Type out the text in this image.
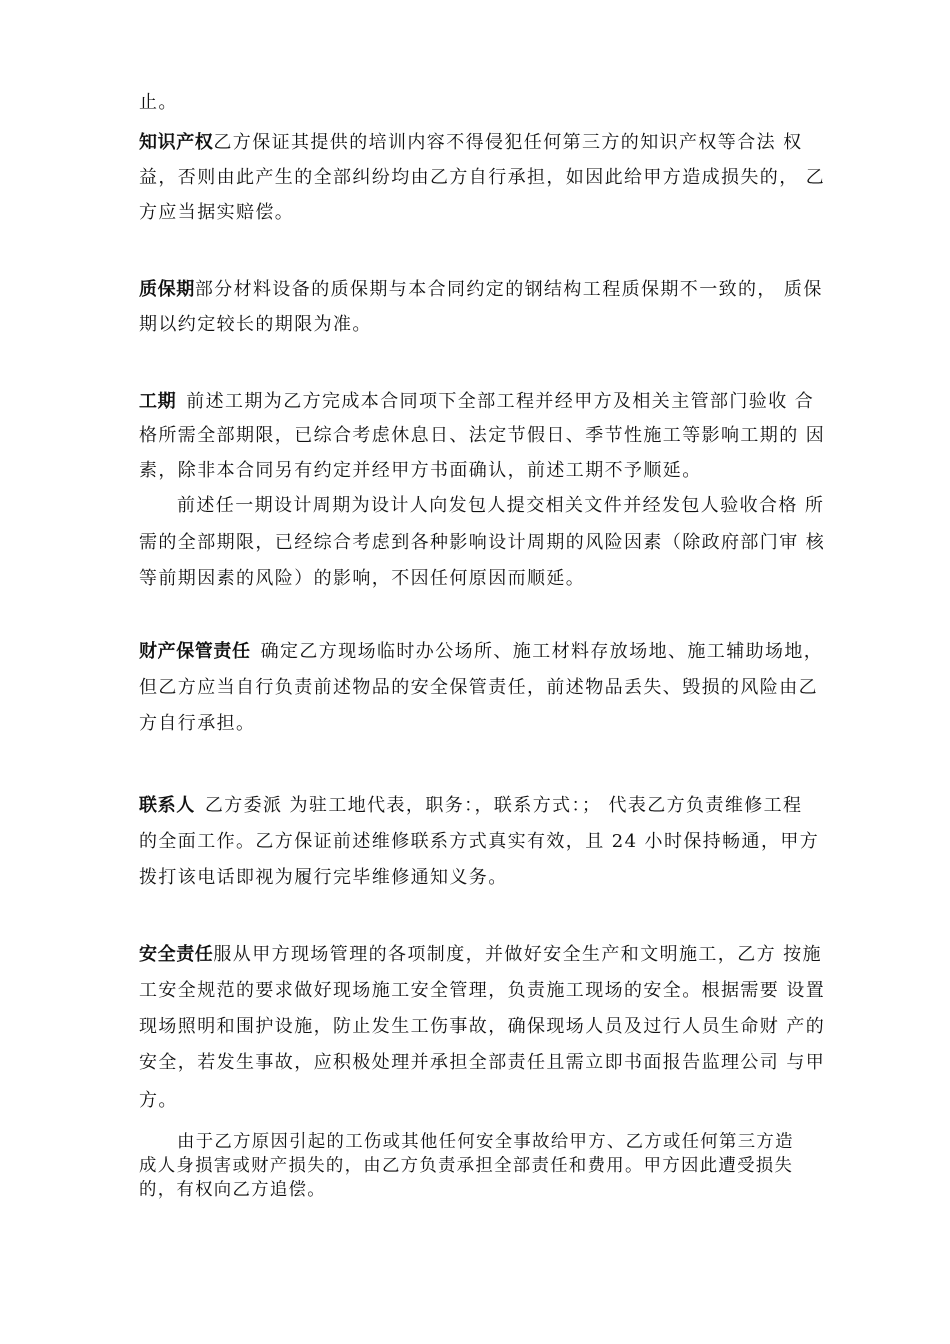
止。

知识产权乙方保证其提供的培训内容不得侵犯任何第三方的知识产权等合法 权

益，否则由此产生的全部纠纷均由乙方自行承担，如因此给甲方造成损失的， 乙

方应当据实赔偿。

质保期部分材料设备的质保期与本合同约定的钢结构工程质保期不一致的， 质保

期以约定较长的期限为准。

工期 前述工期为乙方完成本合同项下全部工程并经甲方及相关主管部门验收 合

格所需全部期限，已综合考虑休息日、法定节假日、季节性施工等影响工期的 因

素，除非本合同另有约定并经甲方书面确认，前述工期不予顺延。

前述任一期设计周期为设计人向发包人提交相关文件并经发包人验收合格 所

需的全部期限，已经综合考虑到各种影响设计周期的风险因素（除政府部门审 核

等前期因素的风险）的影响，不因任何原因而顺延。

财产保管责任 确定乙方现场临时办公场所、施工材料存放场地、施工辅助场地，

但乙方应当自行负责前述物品的安全保管责任，前述物品丢失、毁损的风险由乙

方自行承担。

联系人 乙方委派 为驻工地代表，职务：，联系方式：； 代表乙方负责维修工程

的全面工作。乙方保证前述维修联系方式真实有效，且 24 小时保持畅通，甲方

拨打该电话即视为履行完毕维修通知义务。

安全责任服从甲方现场管理的各项制度，并做好安全生产和文明施工，乙方 按施

工安全规范的要求做好现场施工安全管理，负责施工现场的安全。根据需要 设置

现场照明和围护设施，防止发生工伤事故，确保现场人员及过行人员生命财 产的

安全，若发生事故，应积极处理并承担全部责任且需立即书面报告监理公司 与甲

方。

由于乙方原因引起的工伤或其他任何安全事故给甲方、乙方或任何第三方造

成人身损害或财产损失的，由乙方负责承担全部责任和费用。甲方因此遭受损失

的，有权向乙方追偿。
